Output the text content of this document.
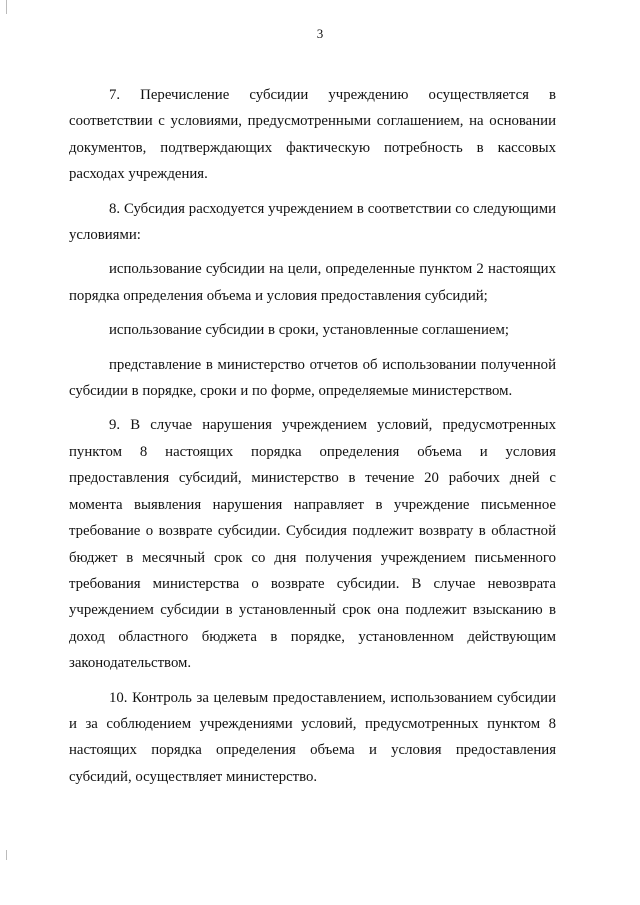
3

7. Перечисление субсидии учреждению осуществляется в соответствии с условиями, предусмотренными соглашением, на основании документов, подтверждающих фактическую потребность в кассовых расходах учреждения.

8. Субсидия расходуется учреждением в соответствии со следующими условиями:

использование субсидии на цели, определенные пунктом 2 настоящих порядка определения объема и условия предоставления субсидий;

использование субсидии в сроки, установленные соглашением;

представление в министерство отчетов об использовании полученной субсидии в порядке, сроки и по форме, определяемые министерством.

9. В случае нарушения учреждением условий, предусмотренных пунктом 8 настоящих порядка определения объема и условия предоставления субсидий, министерство в течение 20 рабочих дней с момента выявления нарушения направляет в учреждение письменное требование о возврате субсидии. Субсидия подлежит возврату в областной бюджет в месячный срок со дня получения учреждением письменного требования министерства о возврате субсидии. В случае невозврата учреждением субсидии в установленный срок она подлежит взысканию в доход областного бюджета в порядке, установленном действующим законодательством.

10. Контроль за целевым предоставлением, использованием субсидии и за соблюдением учреждениями условий, предусмотренных пунктом 8 настоящих порядка определения объема и условия предоставления субсидий, осуществляет министерство.
